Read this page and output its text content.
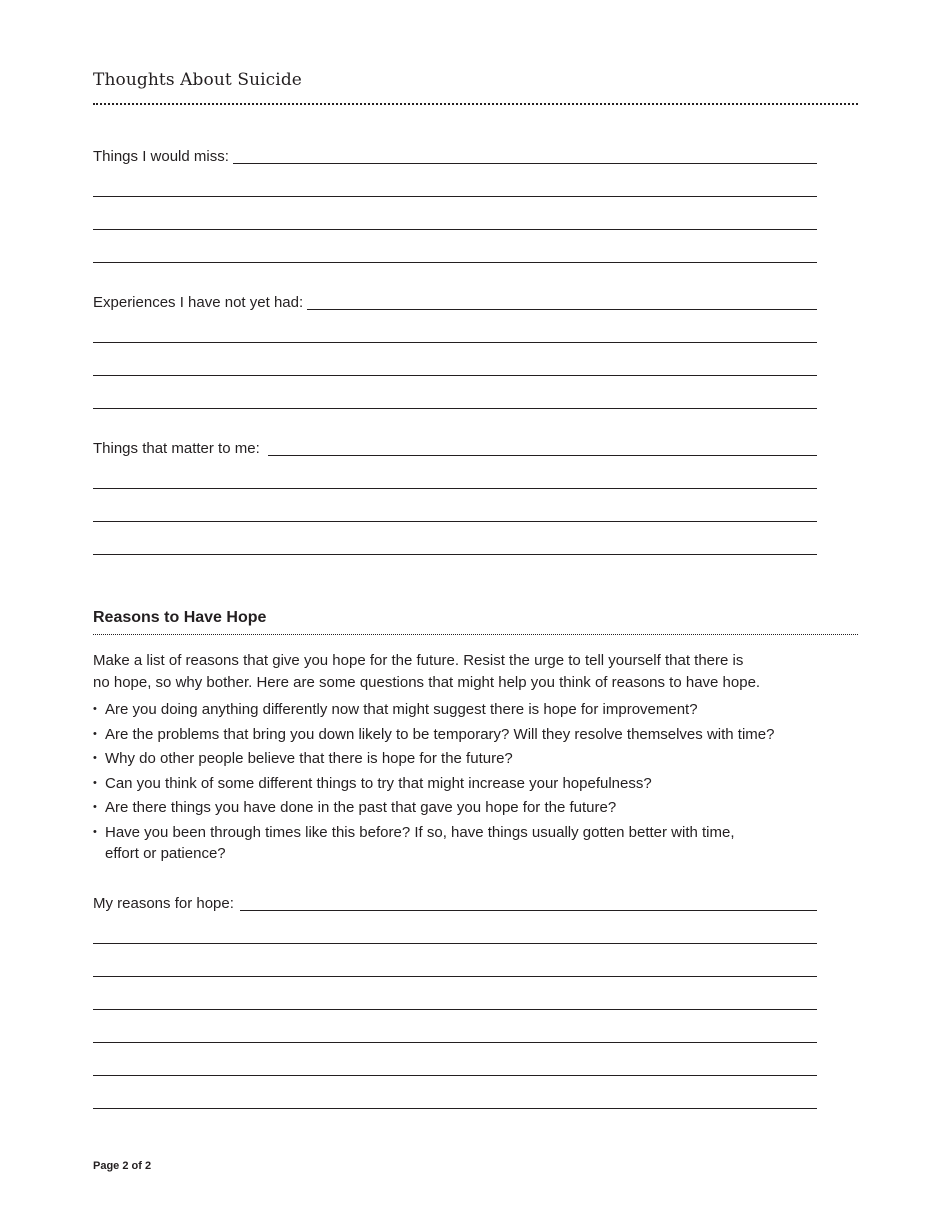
Thoughts About Suicide
Things I would miss:
Experiences I have not yet had:
Things that matter to me:
Reasons to Have Hope
Make a list of reasons that give you hope for the future. Resist the urge to tell yourself that there is
no hope, so why bother. Here are some questions that might help you think of reasons to have hope.
• Are you doing anything differently now that might suggest there is hope for improvement?
• Are the problems that bring you down likely to be temporary? Will they resolve themselves with time?
• Why do other people believe that there is hope for the future?
• Can you think of some different things to try that might increase your hopefulness?
• Are there things you have done in the past that gave you hope for the future?
• Have you been through times like this before? If so, have things usually gotten better with time, effort or patience?
My reasons for hope:
Page 2 of 2
